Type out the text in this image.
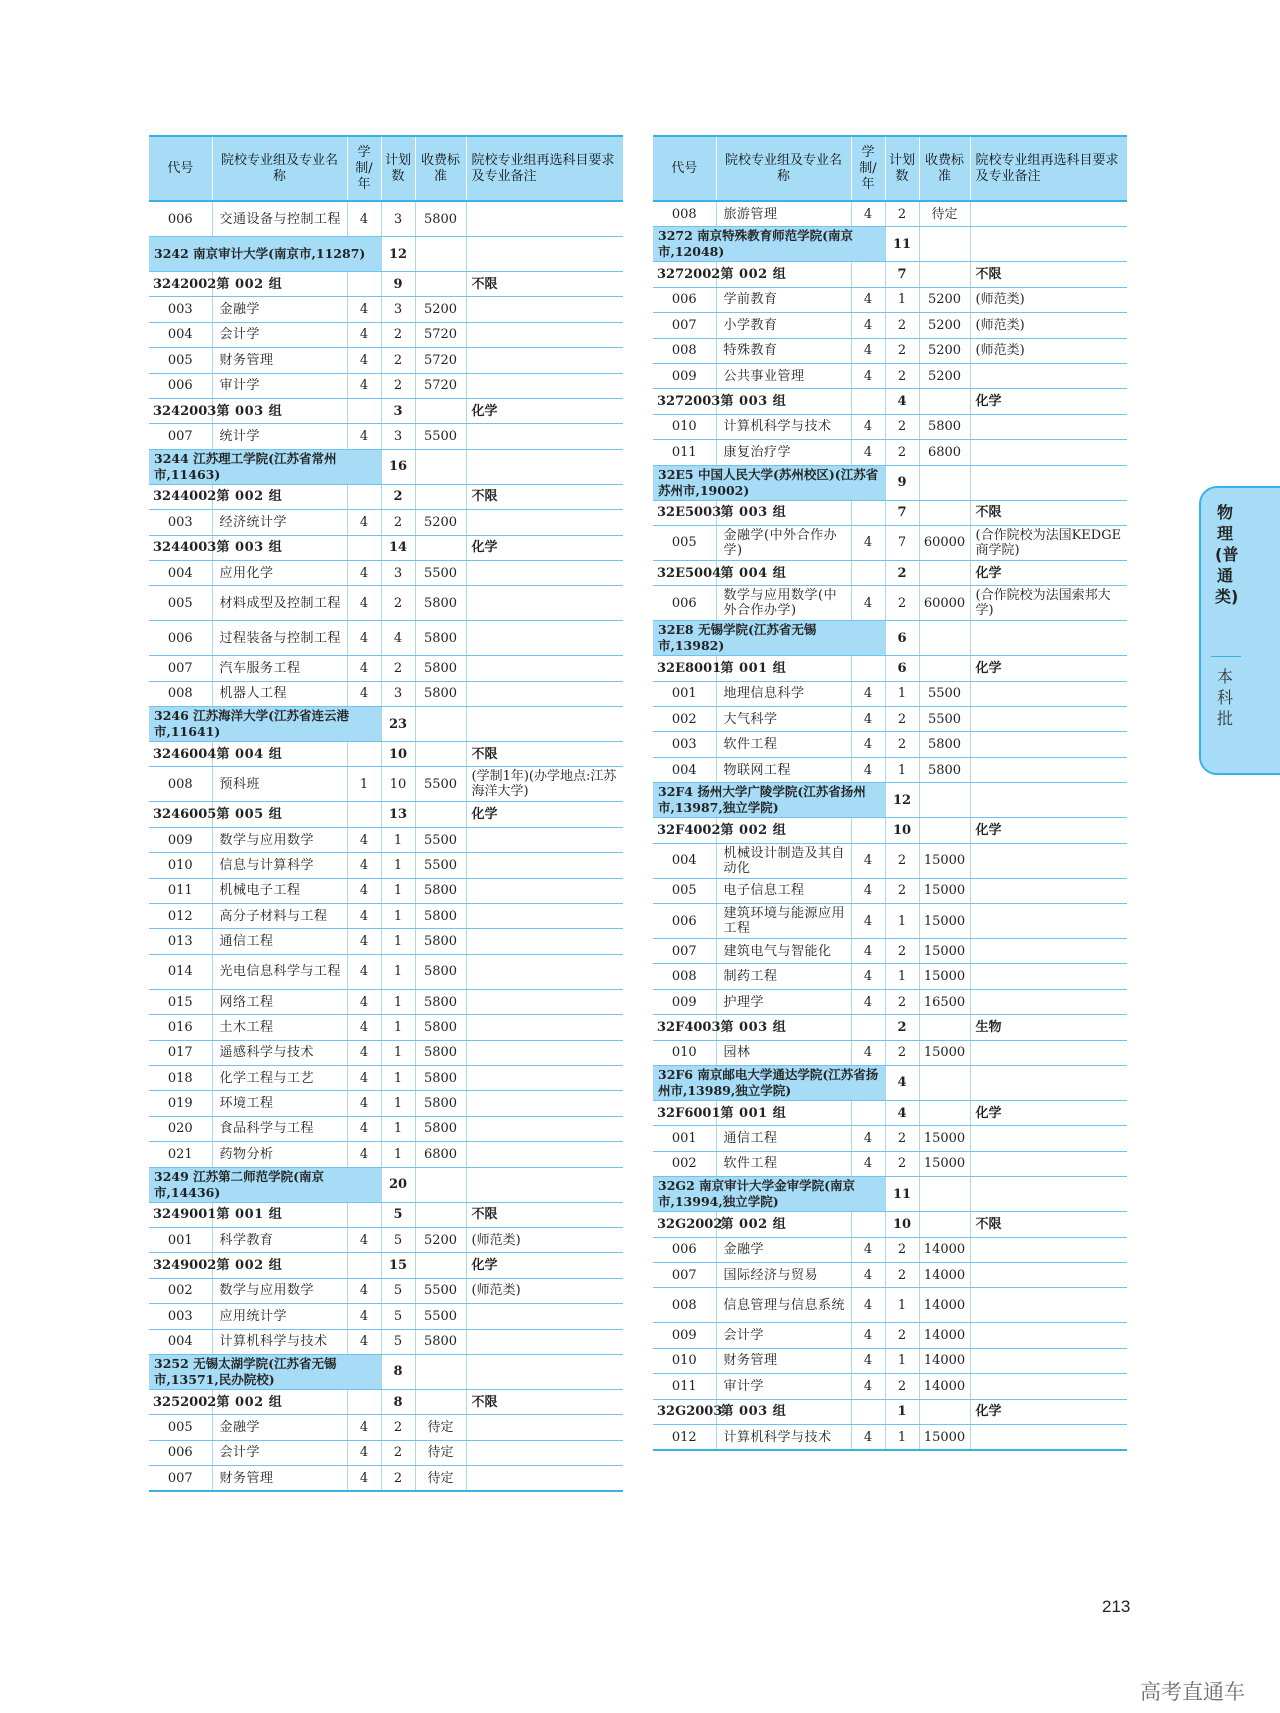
代号	院校专业组及专业名称	学制/年	计划数	收费标准	院校专业组再选科目要求及专业备注
006	交通设备与控制工程	4	3	5800	
3242 南京审计大学(南京市,11287)			12		
3242002	第 002 组		9		不限
003	金融学	4	3	5200	
004	会计学	4	2	5720	
005	财务管理	4	2	5720	
006	审计学	4	2	5720	
3242003	第 003 组		3		化学
007	统计学	4	3	5500	
3244 江苏理工学院(江苏省常州市,11463)			16		
3244002	第 002 组		2		不限
003	经济统计学	4	2	5200	
3244003	第 003 组		14		化学
004	应用化学	4	3	5500	
005	材料成型及控制工程	4	2	5800	
006	过程装备与控制工程	4	4	5800	
007	汽车服务工程	4	2	5800	
008	机器人工程	4	3	5800	
3246 江苏海洋大学(江苏省连云港市,11641)			23		
3246004	第 004 组		10		不限
008	预科班	1	10	5500	(学制1年)(办学地点:江苏海洋大学)
3246005	第 005 组		13		化学
009	数学与应用数学	4	1	5500	
010	信息与计算科学	4	1	5500	
011	机械电子工程	4	1	5800	
012	高分子材料与工程	4	1	5800	
013	通信工程	4	1	5800	
014	光电信息科学与工程	4	1	5800	
015	网络工程	4	1	5800	
016	土木工程	4	1	5800	
017	遥感科学与技术	4	1	5800	
018	化学工程与工艺	4	1	5800	
019	环境工程	4	1	5800	
020	食品科学与工程	4	1	5800	
021	药物分析	4	1	6800	
3249 江苏第二师范学院(南京市,14436)			20		
3249001	第 001 组		5		不限
001	科学教育	4	5	5200	(师范类)
3249002	第 002 组		15		化学
002	数学与应用数学	4	5	5500	(师范类)
003	应用统计学	4	5	5500	
004	计算机科学与技术	4	5	5800	
3252 无锡太湖学院(江苏省无锡市,13571,民办院校)			8		
3252002	第 002 组		8		不限
005	金融学	4	2	待定	
006	会计学	4	2	待定	
007	财务管理	4	2	待定	
代号	院校专业组及专业名称	学制/年	计划数	收费标准	院校专业组再选科目要求及专业备注
008	旅游管理	4	2	待定	
3272 南京特殊教育师范学院(南京市,12048)			11		
3272002	第 002 组		7		不限
006	学前教育	4	1	5200	(师范类)
007	小学教育	4	2	5200	(师范类)
008	特殊教育	4	2	5200	(师范类)
009	公共事业管理	4	2	5200	
3272003	第 003 组		4		化学
010	计算机科学与技术	4	2	5800	
011	康复治疗学	4	2	6800	
32E5 中国人民大学(苏州校区)(江苏省苏州市,19002)			9		
32E5003	第 003 组		7		不限
005	金融学(中外合作办学)	4	7	60000	(合作院校为法国KEDGE商学院)
32E5004	第 004 组		2		化学
006	数学与应用数学(中外合作办学)	4	2	60000	(合作院校为法国索邦大学)
32E8 无锡学院(江苏省无锡市,13982)			6		
32E8001	第 001 组		6		化学
001	地理信息科学	4	1	5500	
002	大气科学	4	2	5500	
003	软件工程	4	2	5800	
004	物联网工程	4	1	5800	
32F4 扬州大学广陵学院(江苏省扬州市,13987,独立学院)			12		
32F4002	第 002 组		10		化学
004	机械设计制造及其自动化	4	2	15000	
005	电子信息工程	4	2	15000	
006	建筑环境与能源应用工程	4	1	15000	
007	建筑电气与智能化	4	2	15000	
008	制药工程	4	1	15000	
009	护理学	4	2	16500	
32F4003	第 003 组		2		生物
010	园林	4	2	15000	
32F6 南京邮电大学通达学院(江苏省扬州市,13989,独立学院)			4		
32F6001	第 001 组		4		化学
001	通信工程	4	2	15000	
002	软件工程	4	2	15000	
32G2 南京审计大学金审学院(南京市,13994,独立学院)			11		
32G2002	第 002 组		10		不限
006	金融学	4	2	14000	
007	国际经济与贸易	4	2	14000	
008	信息管理与信息系统	4	1	14000	
009	会计学	4	2	14000	
010	财务管理	4	1	14000	
011	审计学	4	2	14000	
32G2003	第 003 组		1		化学
012	计算机科学与技术	4	1	15000	
物理(普通类)
本科批
213
高考直通车
